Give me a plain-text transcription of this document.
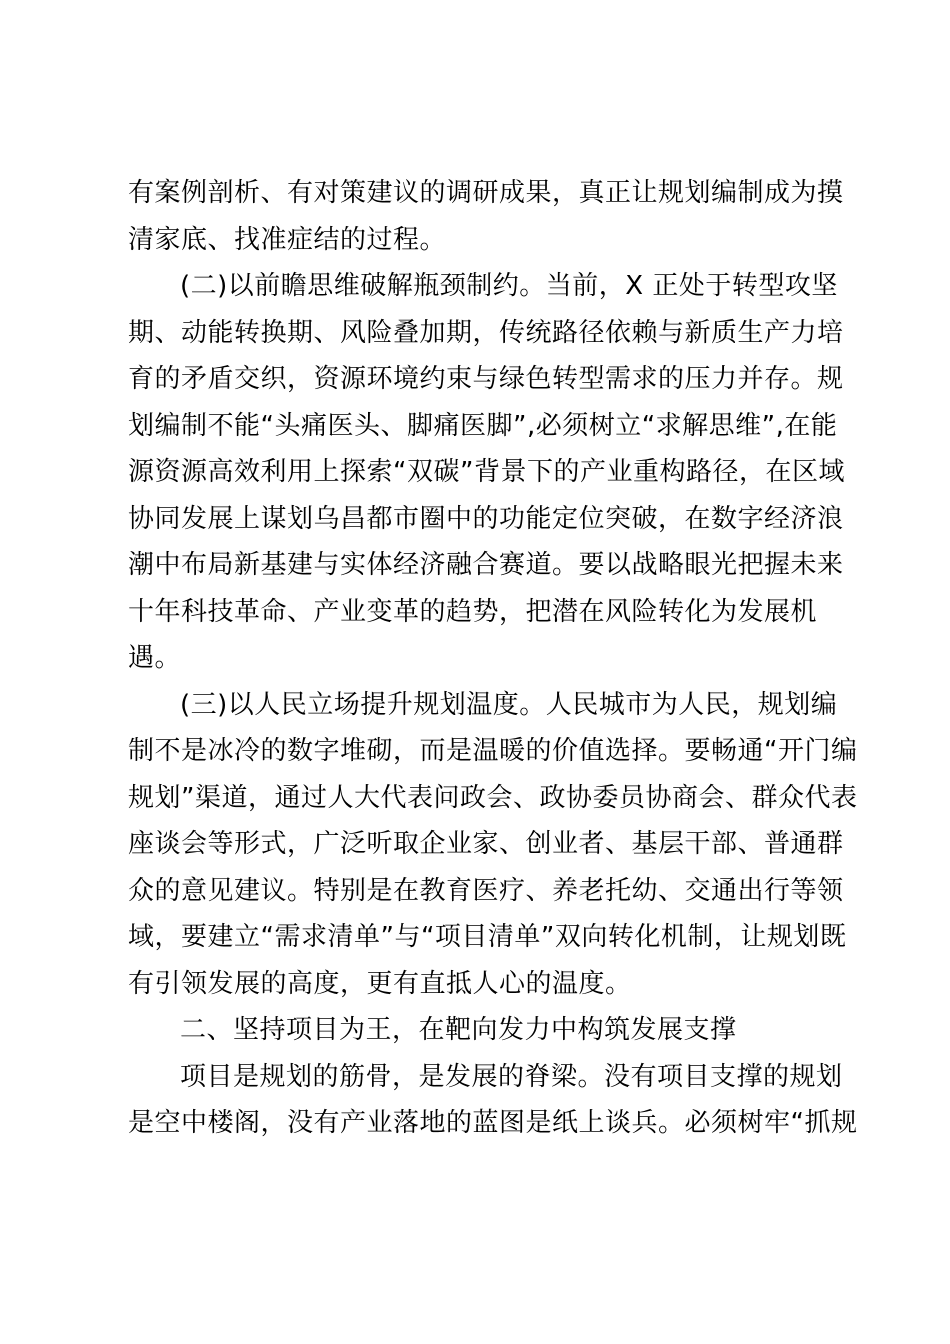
有案例剖析、有对策建议的调研成果，真正让规划编制成为摸
清家底、找准症结的过程。
(二)以前瞻思维破解瓶颈制约。当前，X 正处于转型攻坚
期、动能转换期、风险叠加期，传统路径依赖与新质生产力培
育的矛盾交织，资源环境约束与绿色转型需求的压力并存。规
划编制不能“头痛医头、脚痛医脚”,必须树立“求解思维”,在能
源资源高效利用上探索“双碳”背景下的产业重构路径，在区域
协同发展上谋划乌昌都市圈中的功能定位突破，在数字经济浪
潮中布局新基建与实体经济融合赛道。要以战略眼光把握未来
十年科技革命、产业变革的趋势，把潜在风险转化为发展机
遇。
(三)以人民立场提升规划温度。人民城市为人民，规划编
制不是冰冷的数字堆砌，而是温暖的价值选择。要畅通“开门编
规划”渠道，通过人大代表问政会、政协委员协商会、群众代表
座谈会等形式，广泛听取企业家、创业者、基层干部、普通群
众的意见建议。特别是在教育医疗、养老托幼、交通出行等领
域，要建立“需求清单”与“项目清单”双向转化机制，让规划既
有引领发展的高度，更有直抵人心的温度。
二、坚持项目为王，在靶向发力中构筑发展支撑
项目是规划的筋骨，是发展的脊梁。没有项目支撑的规划
是空中楼阁，没有产业落地的蓝图是纸上谈兵。必须树牢“抓规
